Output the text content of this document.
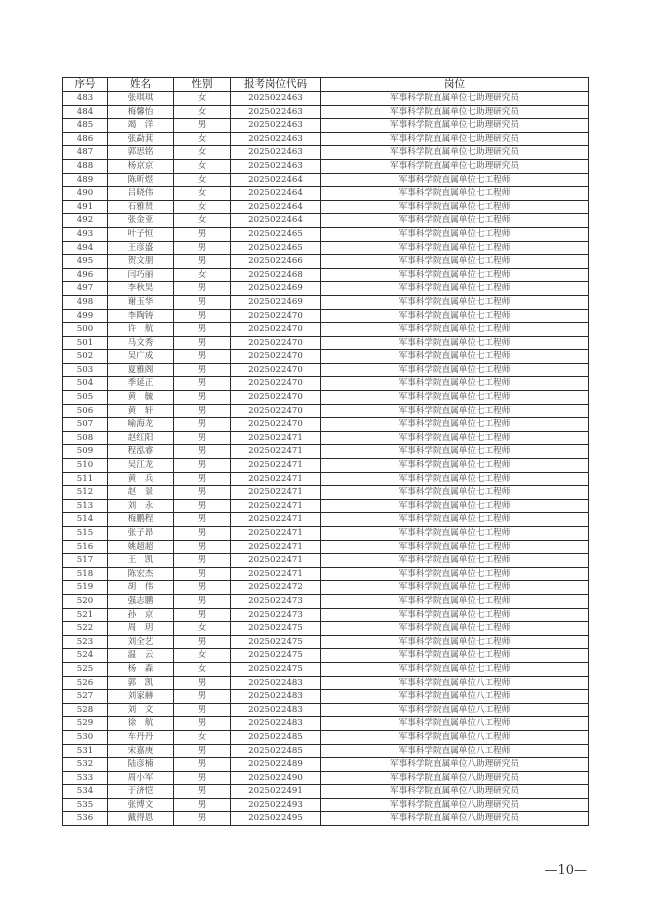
序号	姓名	性别	报考岗位代码	岗位
483	张琪琪	女	2025022463	军事科学院直属单位七助理研究员
484	梅馨怡	女	2025022463	军事科学院直属单位七助理研究员
485	竭　洋	男	2025022463	军事科学院直属单位七助理研究员
486	张勐萁	女	2025022463	军事科学院直属单位七助理研究员
487	郭思铭	女	2025022463	军事科学院直属单位七助理研究员
488	杨京京	女	2025022463	军事科学院直属单位七助理研究员
489	陈昕煜	女	2025022464	军事科学院直属单位七工程师
490	吕晓伟	女	2025022464	军事科学院直属单位七工程师
491	石雅贤	女	2025022464	军事科学院直属单位七工程师
492	张金亚	女	2025022464	军事科学院直属单位七工程师
493	叶子恒	男	2025022465	军事科学院直属单位七工程师
494	王彦盛	男	2025022465	军事科学院直属单位七工程师
495	贺文朋	男	2025022466	军事科学院直属单位七工程师
496	闫巧丽	女	2025022468	军事科学院直属单位七工程师
497	李秋昊	男	2025022469	军事科学院直属单位七工程师
498	谢玉华	男	2025022469	军事科学院直属单位七工程师
499	李陶铸	男	2025022470	军事科学院直属单位七工程师
500	许　航	男	2025022470	军事科学院直属单位七工程师
501	马文秀	男	2025022470	军事科学院直属单位七工程师
502	吴广成	男	2025022470	军事科学院直属单位七工程师
503	夏雅阁	男	2025022470	军事科学院直属单位七工程师
504	季延正	男	2025022470	军事科学院直属单位七工程师
505	黄　毓	男	2025022470	军事科学院直属单位七工程师
506	黄　轩	男	2025022470	军事科学院直属单位七工程师
507	喻海龙	男	2025022470	军事科学院直属单位七工程师
508	赵红阳	男	2025022471	军事科学院直属单位七工程师
509	程泓睿	男	2025022471	军事科学院直属单位七工程师
510	吴江龙	男	2025022471	军事科学院直属单位七工程师
511	黄　兵	男	2025022471	军事科学院直属单位七工程师
512	赵　景	男	2025022471	军事科学院直属单位七工程师
513	刘　永	男	2025022471	军事科学院直属单位七工程师
514	梅鹏程	男	2025022471	军事科学院直属单位七工程师
515	张子昂	男	2025022471	军事科学院直属单位七工程师
516	姚超超	男	2025022471	军事科学院直属单位七工程师
517	王　凯	男	2025022471	军事科学院直属单位七工程师
518	陈宏杰	男	2025022471	军事科学院直属单位七工程师
519	胡　伟	男	2025022472	军事科学院直属单位七工程师
520	强志鹏	男	2025022473	军事科学院直属单位七工程师
521	孙　京	男	2025022473	军事科学院直属单位七工程师
522	周　玥	女	2025022475	军事科学院直属单位七工程师
523	刘全艺	男	2025022475	军事科学院直属单位七工程师
524	温　云	女	2025022475	军事科学院直属单位七工程师
525	杨　森	女	2025022475	军事科学院直属单位七工程师
526	郭　凯	男	2025022483	军事科学院直属单位八工程师
527	刘家赫	男	2025022483	军事科学院直属单位八工程师
528	刘　文	男	2025022483	军事科学院直属单位八工程师
529	徐　航	男	2025022483	军事科学院直属单位八工程师
530	车丹丹	女	2025022485	军事科学院直属单位八工程师
531	宋嘉庚	男	2025022485	军事科学院直属单位八工程师
532	陆彦楠	男	2025022489	军事科学院直属单位八助理研究员
533	周小军	男	2025022490	军事科学院直属单位八助理研究员
534	于济恺	男	2025022491	军事科学院直属单位八助理研究员
535	张博文	男	2025022493	军事科学院直属单位八助理研究员
536	戴得恩	男	2025022495	军事科学院直属单位八助理研究员
—10—
